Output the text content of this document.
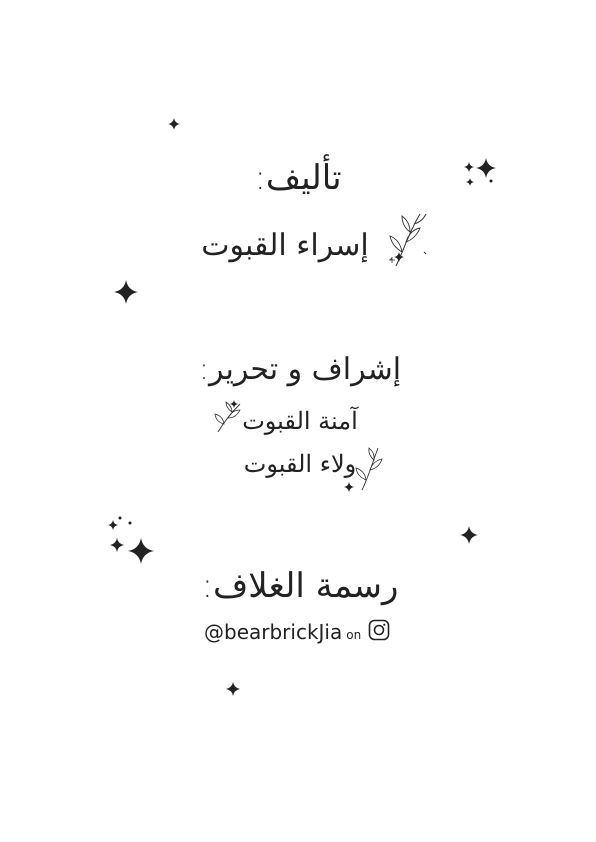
تأليف:
إسراء القبوت
إشراف و تحرير:
آمنة القبوت
ولاء القبوت
رسمة الغلاف:
@bearbrickJia on
